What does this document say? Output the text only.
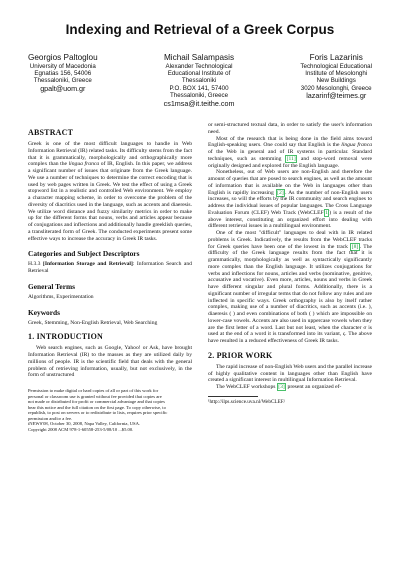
Indexing and Retrieval of a Greek Corpus
Georgios Paltoglou
University of Macedonia
Egnatias 156, 54006
Thessaloniki, Greece
gpalt@uom.gr
Michail Salampasis
Alexander Technological
Educational Institute of
Thessaloniki
P.O. BOX 141, 57400
Thessaloniki, Greece
cs1msa@it.teithe.com
Foris Lazarinis
Technological Educational
Institute of Mesolonghi
New Buildings
3020 Mesolonghi, Greece
lazarinf@teimes.gr
ABSTRACT

Greek is one of the most difficult languages to handle in Web Information Retrieval (IR) related tasks. Its difficulty stems from the fact that it is grammatically, morphologically and orthographically more complex than the lingua franca of IR, English. In this paper, we address a significant number of issues that originate from the Greek language. We use a number of techniques to determine the correct encoding that is used by web pages written in Greek. We test the effect of using a Greek stopword list in a realistic and controlled Web environment. We employ a character mapping scheme, in order to overcome the problem of the diversity of diacritics used in the language, such as accents and diaeresis. We utilize word distance and fuzzy similarity metrics in order to make up for the different forms that nouns, verbs and articles appear because of conjugations and inflections and additionally handle greeklish queries, a transliterated form of Greek. The conducted experiments present some effective ways to increase the accuracy in Greek IR tasks.

Categories and Subject Descriptors

H.3.3 [Information Storage and Retrieval]: Information Search and Retrieval

General Terms

Algorithms, Experimentation

Keywords

Greek, Stemming, Non-English Retrieval, Web Searching

1. INTRODUCTION

Web search engines, such as Google, Yahoo! or Ask, have brought Information Retrieval (IR) to the masses as they are utilized daily by millions of people. IR is the scientific field that deals with the general problem of retrieving information, usually, but not exclusively, in the form of unstructured

Permission to make digital or hard copies of all or part of this work for
personal or classroom use is granted without fee provided that copies are
not made or distributed for profit or commercial advantage and that copies
bear this notice and the full citation on the first page. To copy otherwise, to
republish, to post on servers or to redistribute to lists, requires prior specific
permission and/or a fee.
iNEWS'08, October 30, 2008, Napa Valley, California, USA.
Copyright 2008 ACM 978-1-60558-253-5/08/10 ...$5.00.

or semi-structured textual data, in order to satisfy the user's information need.

Most of the research that is being done in the field aims toward English-speaking users. One could say that English is the lingua franca of the Web in general and of IR systems in particular. Standard techniques, such as stemming [11] and stop-word removal were originally designed and explored for the English language.

Nonetheless, out of Web users are non-English and therefore the amount of queries that are posed to search engines, as well as the amount of information that is available on the Web in languages other than English is rapidly increasing [2]. As the number of non-English users increases, so will the efforts by the IR community and search engines to address the individual issues of popular languages. The Cross Language Evaluation Forum (CLEF) Web Track (WebCLEF1) is a result of the above interest, constituting an organized effort into dealing with different retrieval issues in a multilingual environment.

One of the most "difficult" languages to deal with in IR related problems is Greek. Indicatively, the results from the WebCLEF tracks for Greek queries have been one of the lowest in the track [8]. The difficulty of the Greek language results from the fact that it is grammatically, morphologically as well as syntactically significantly more complex than the English language. It utilizes conjugations for verbs and inflections for nouns, articles and verbs (nominative, genitive, accusative and vocative). Even more, articles, nouns and verbs in Greek have different singular and plural forms. Additionally, there is a significant number of irregular terms that do not follow any rules and are inflected in specific ways. Greek orthography is also by itself rather complex, making use of a number of diacritics, such as accents (i.e. ), diaeresis ( ) and even combinations of both ( ) which are impossible on lower-case vowels. Accents are also used in uppercase vowels when they are the first letter of a word. Last but not least, when the character σ is used at the end of a word it is transformed into its variant, ς. The above have resulted in a reduced effectiveness of Greek IR tasks.

2. PRIOR WORK

The rapid increase of non-English Web users and the parallel increase of highly qualitative content in languages other than English have created a significant interest in multilingual Information Retrieval.

The WebCLEF workshops [3] present an organized ef-

¹http://ilps.science.uva.nl/WebCLEF/
